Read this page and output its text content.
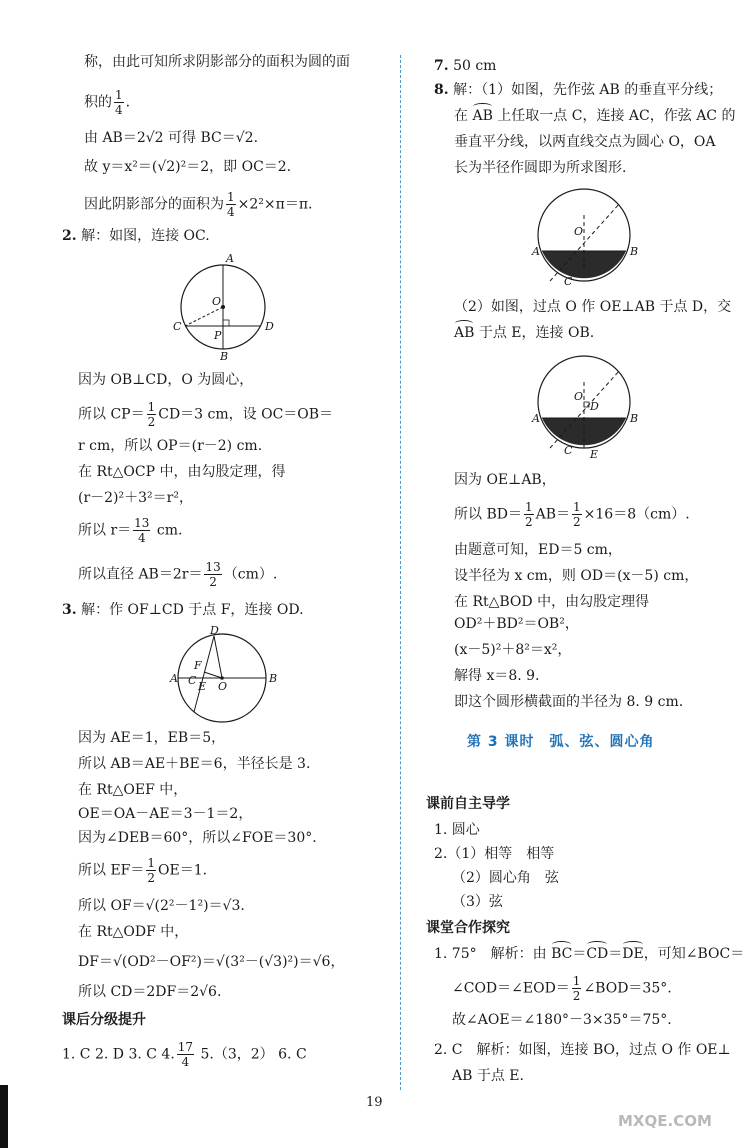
称，由此可知所求阴影部分的面积为圆的面
积的 $\frac{1}{4}$ .
由 AB＝2√2 可得 BC＝√2.
故 y＝x²＝(√2)²＝2，即 OC＝2.
因此阴影部分的面积为 $\frac{1}{4} \times 2^2\times\pi=\pi$.
2. 解：如图，连接 OC.
A
O
C
P
D
B
因为 OB⊥CD，O 为圆心，
所以 $CP= \frac{1}{2} CD=3$ cm，设 OC＝OB＝
r cm，所以 OP＝(r－2) cm.
在 Rt△OCP 中，由勾股定理，得
(r－2)²＋3²＝r²，
所以 $r= \frac{13}{4}$ cm.
所以直径 $AB=2r= \frac{13}{2} (cm)$.
3. 解：作 OF⊥CD 于点 F，连接 OD.
D
F
C
A
E O
B
因为 AE＝1，EB＝5，
所以 AB＝AE＋BE＝6，半径长是 3.
在 Rt△OEF 中，
OE＝OA－AE＝3－1＝2，
因为∠DEB＝60°，所以∠FOE＝30°.
所以 $EF= \frac{1}{2} OE=1$.
所以 OF＝√(2²－1²)＝√3.
在 Rt△ODF 中，
DF＝√(OD²－OF²)＝√(3²－(√3)²)＝√6，
所以 CD＝2DF＝2√6.
课后分级提升
1. C 2. D 3. C 4. $\frac{17}{4} 5.(3$，2） 6. C
7. 50 cm
8. 解：（1）如图，先作弦 AB 的垂直平分线；
在 AB 上任取一点 C，连接 AC，作弦 AC 的
垂直平分线，以两直线交点为圆心 O，OA
长为半径作圆即为所求图形.
O
A	B
C
（2）如图，过点 O 作 OE⊥AB 于点 D，交
AB 于点 E，连接 OB.
O
D
A	B
C E
因为 OE⊥AB，
所以 $BD= \frac{1}{2} AB= \frac{1}{2} \times 16=8(cm)$.
由题意可知，ED＝5 cm，
设半径为 x cm，则 OD＝(x－5) cm，
在 Rt△BOD 中，由勾股定理得
OD²＋BD²＝OB²，
(x－5)²＋8²＝x²，
解得 x＝8. 9.
即这个圆形横截面的半径为 8. 9 cm.
课前自主导学
1. 圆心
2.（1）相等　相等
（2）圆心角　弦
（3）弦
课堂合作探究
1. 75°　解析：由 BC＝CD＝DE，可知∠BOC＝
∠COD＝∠EOD＝ $\frac{1}{2}$ ∠BOD＝35°.
故∠AOE＝∠180°－3×35°＝75°.
2. C　解析：如图，连接 BO，过点 O 作 OE⊥
AB 于点 E.
第 3 课时　弧、弦、圆心角
19
MXQE.COM
